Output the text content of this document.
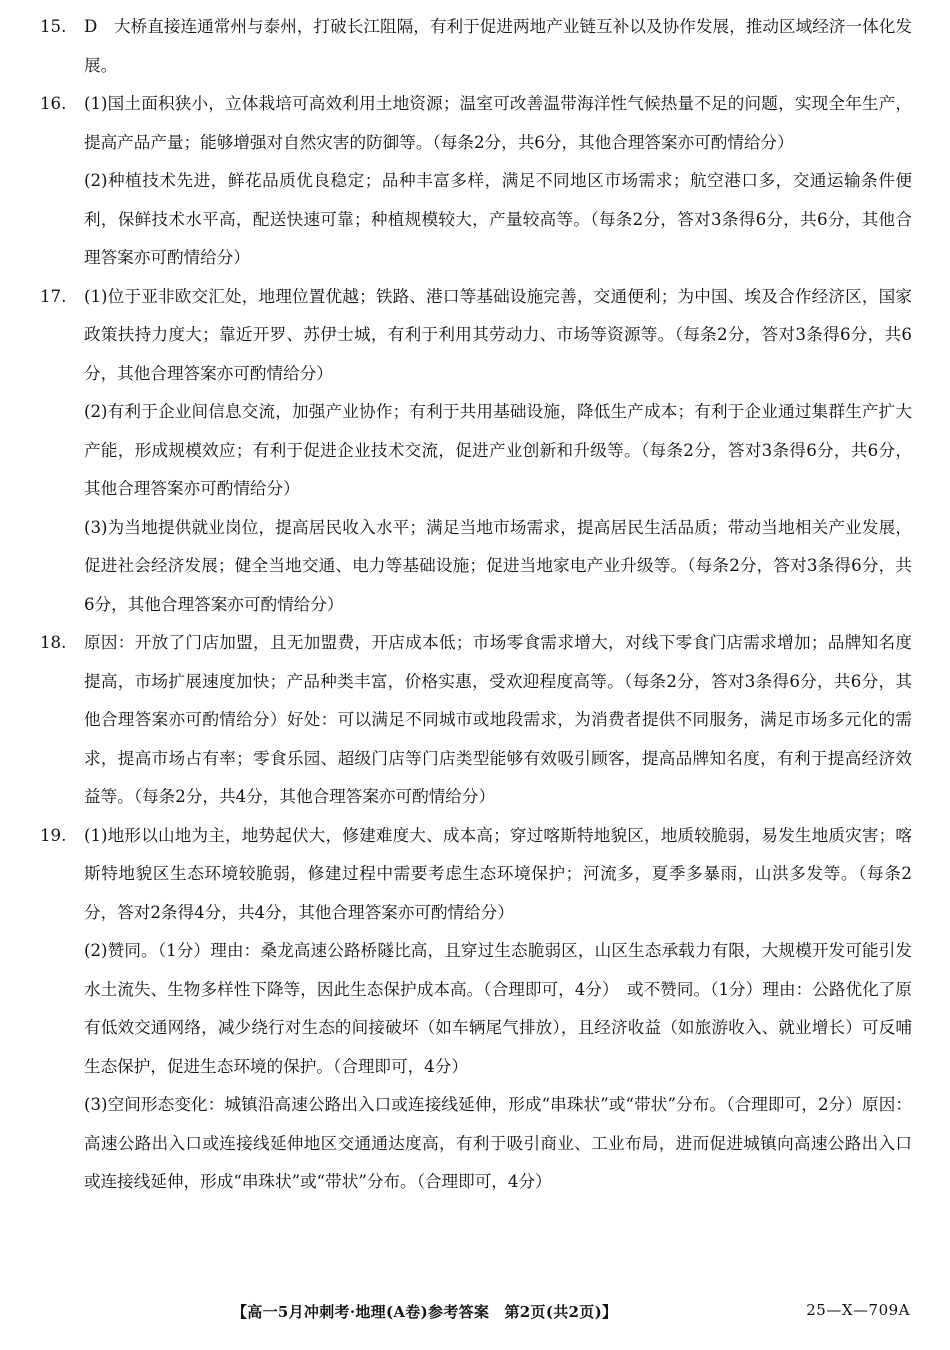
15. D　大桥直接连通常州与泰州，打破长江阻隔，有利于促进两地产业链互补以及协作发展，推动区域经济一体化发展。

16. (1)国土面积狭小，立体栽培可高效利用土地资源；温室可改善温带海洋性气候热量不足的问题，实现全年生产，提高产品产量；能够增强对自然灾害的防御等。（每条2分，共6分，其他合理答案亦可酌情给分）

(2)种植技术先进，鲜花品质优良稳定；品种丰富多样，满足不同地区市场需求；航空港口多，交通运输条件便利，保鲜技术水平高，配送快速可靠；种植规模较大，产量较高等。（每条2分，答对3条得6分，共6分，其他合理答案亦可酌情给分）

17. (1)位于亚非欧交汇处，地理位置优越；铁路、港口等基础设施完善，交通便利；为中国、埃及合作经济区，国家政策扶持力度大；靠近开罗、苏伊士城，有利于利用其劳动力、市场等资源等。（每条2分，答对3条得6分，共6分，其他合理答案亦可酌情给分）

(2)有利于企业间信息交流，加强产业协作；有利于共用基础设施，降低生产成本；有利于企业通过集群生产扩大产能，形成规模效应；有利于促进企业技术交流，促进产业创新和升级等。（每条2分，答对3条得6分，共6分，其他合理答案亦可酌情给分）

(3)为当地提供就业岗位，提高居民收入水平；满足当地市场需求，提高居民生活品质；带动当地相关产业发展，促进社会经济发展；健全当地交通、电力等基础设施；促进当地家电产业升级等。（每条2分，答对3条得6分，共6分，其他合理答案亦可酌情给分）

18. 原因：开放了门店加盟，且无加盟费，开店成本低；市场零食需求增大，对线下零食门店需求增加；品牌知名度提高，市场扩展速度加快；产品种类丰富，价格实惠，受欢迎程度高等。（每条2分，答对3条得6分，共6分，其他合理答案亦可酌情给分）好处：可以满足不同城市或地段需求，为消费者提供不同服务，满足市场多元化的需求，提高市场占有率；零食乐园、超级门店等门店类型能够有效吸引顾客，提高品牌知名度，有利于提高经济效益等。（每条2分，共4分，其他合理答案亦可酌情给分）

19. (1)地形以山地为主，地势起伏大，修建难度大、成本高；穿过喀斯特地貌区，地质较脆弱，易发生地质灾害；喀斯特地貌区生态环境较脆弱，修建过程中需要考虑生态环境保护；河流多，夏季多暴雨，山洪多发等。（每条2分，答对2条得4分，共4分，其他合理答案亦可酌情给分）

(2)赞同。（1分）理由：桑龙高速公路桥隧比高，且穿过生态脆弱区，山区生态承载力有限，大规模开发可能引发水土流失、生物多样性下降等，因此生态保护成本高。（合理即可，4分）　或不赞同。（1分）理由：公路优化了原有低效交通网络，减少绕行对生态的间接破坏（如车辆尾气排放），且经济收益（如旅游收入、就业增长）可反哺生态保护，促进生态环境的保护。（合理即可，4分）

(3)空间形态变化：城镇沿高速公路出入口或连接线延伸，形成“串珠状”或“带状”分布。（合理即可，2分）原因：高速公路出入口或连接线延伸地区交通通达度高，有利于吸引商业、工业布局，进而促进城镇向高速公路出入口或连接线延伸，形成“串珠状”或“带状”分布。（合理即可，4分）

【高一5月冲刺考·地理(A卷)参考答案　第2页(共2页)】	25—X—709A
